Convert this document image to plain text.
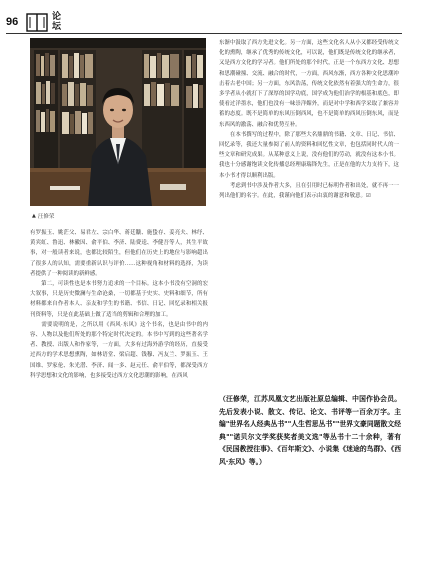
96	论
坛
▲ 汪修荣
有罗振玉、姚茫父、易君左、宗白华、蒋廷黻、施蛰存、姜亮夫、林纾、黄宾虹、鲁迅、林徽因、俞平伯、李济、陆费逵、李健吾等人，其生平故事，对一般读者来说，也都比较陌生，但他们在历史上的地位与影响超出了很多人的认知，需要重新认识与评价……这种视角和材料的选择，为读者提供了一种阅读的新鲜感。
　　第二，可读性也是本书努力追求的一个目标。这本小书没有空洞的宏大叙事，只是历史微澜与生命沧桑，一切都基于史实、史料和细节，所有材料都来自作者本人、亲友和学生的书籍、书信、日记、回忆录和相关报刊资料等，只是在此基础上做了适当的剪辑和合理的加工。
　　需要说明的是，之所以用《西风·东风》这个书名，也是由书中的内容、人物以及他们所处的那个特定时代决定的。本书中写到的这些著名学者、教授、出版人和作家等，一方面，大多有过海外游学的经历，直接受过西方的学术思想熏陶，如林语堂、梁启超、钱穆、冯友兰、罗振玉、王国维、罗家伦、朱光潜、李济、闻一多、赵元任、俞平伯等，都深受西方科学思想和文化的影响，也多接受过西方文化思潮的影响，在西风
东渐中汲取了西方先进文化。另一方面，这些文化名人从小又都经受传统文化的熏陶，继承了优秀的传统文化，可以说，他们既是传统文化的继承者，又是西方文化的学习者。他们所处的那个时代，正是一个东西方文化、思想和思潮碰撞、交流、融合的时代，一方面，西风东渐，西方各种文化思潮冲击着古老中国；另一方面，东风浩荡，传统文化依然有着强大的生命力，很多学者从小就打下了深厚的国学功底，国学成为他们治学的根基和底色，即使看过洋墨水，他们也没有一味崇洋媚外，而是对中学和西学采取了兼容并蓄的态度。既不是简单的东风压倒西风，也不是简单的西风压倒东风，而是东西风的激荡、融合和优势互补。
　　在本书撰写的过程中，除了那些大名鼎鼎的书籍、文章、日记、书信、回忆录等，我还大量参阅了前人的资料和回忆性文章，也包括同时代人的一些文章和研究成果。从某种意义上说，没有他们的劳动，就没有这本小书。我也十分感谢饱读文化传播总经理康瑞锋先生，正是在他的大力支持下，这本小书才得以顺利出版。
　　考虑到书中涉及作者大多，且在引用时已标明作者和出处，就不再一一列出他们的名字。在此，我谨向他们表示由衷的谢意和敬意。☑
（汪修荣，江苏凤凰文艺出版社原总编辑、中国作协会员。先后发表小说、散文、传记、论文、书评等一百余万字。主编"世界名人经典丛书""人生哲思丛书""世界文豪同题散文经典""诺贝尔文学奖获奖者美文选"等丛书十二十余种，著有《民国教授往事》、《百年斯文》、小说集《迷途的鸟群》、《西风·东风》等。）
